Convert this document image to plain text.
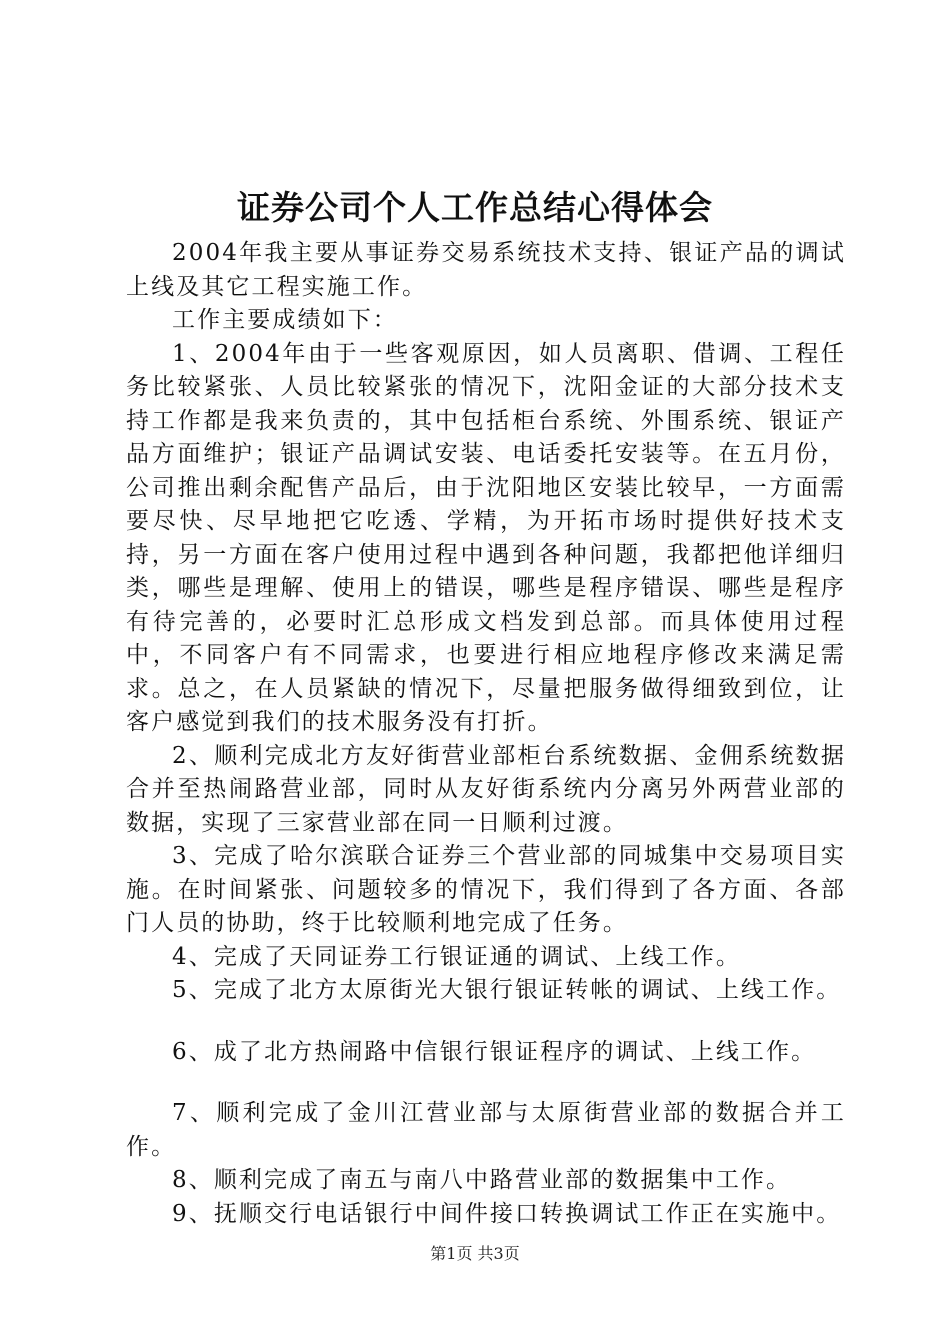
证券公司个人工作总结心得体会

2004年我主要从事证券交易系统技术支持、银证产品的调试上线及其它工程实施工作。

工作主要成绩如下：

1、2004年由于一些客观原因，如人员离职、借调、工程任务比较紧张、人员比较紧张的情况下，沈阳金证的大部分技术支持工作都是我来负责的，其中包括柜台系统、外围系统、银证产品方面维护；银证产品调试安装、电话委托安装等。在五月份，公司推出剩余配售产品后，由于沈阳地区安装比较早，一方面需要尽快、尽早地把它吃透、学精，为开拓市场时提供好技术支持，另一方面在客户使用过程中遇到各种问题，我都把他详细归类，哪些是理解、使用上的错误，哪些是程序错误、哪些是程序有待完善的，必要时汇总形成文档发到总部。而具体使用过程中，不同客户有不同需求，也要进行相应地程序修改来满足需求。总之，在人员紧缺的情况下，尽量把服务做得细致到位，让客户感觉到我们的技术服务没有打折。

2、顺利完成北方友好街营业部柜台系统数据、金佣系统数据合并至热闹路营业部，同时从友好街系统内分离另外两营业部的数据，实现了三家营业部在同一日顺利过渡。

3、完成了哈尔滨联合证券三个营业部的同城集中交易项目实施。在时间紧张、问题较多的情况下，我们得到了各方面、各部门人员的协助，终于比较顺利地完成了任务。

4、完成了天同证券工行银证通的调试、上线工作。

5、完成了北方太原街光大银行银证转帐的调试、上线工作。

6、成了北方热闹路中信银行银证程序的调试、上线工作。

7、顺利完成了金川江营业部与太原街营业部的数据合并工作。

8、顺利完成了南五与南八中路营业部的数据集中工作。

9、抚顺交行电话银行中间件接口转换调试工作正在实施中。

第1页 共3页
